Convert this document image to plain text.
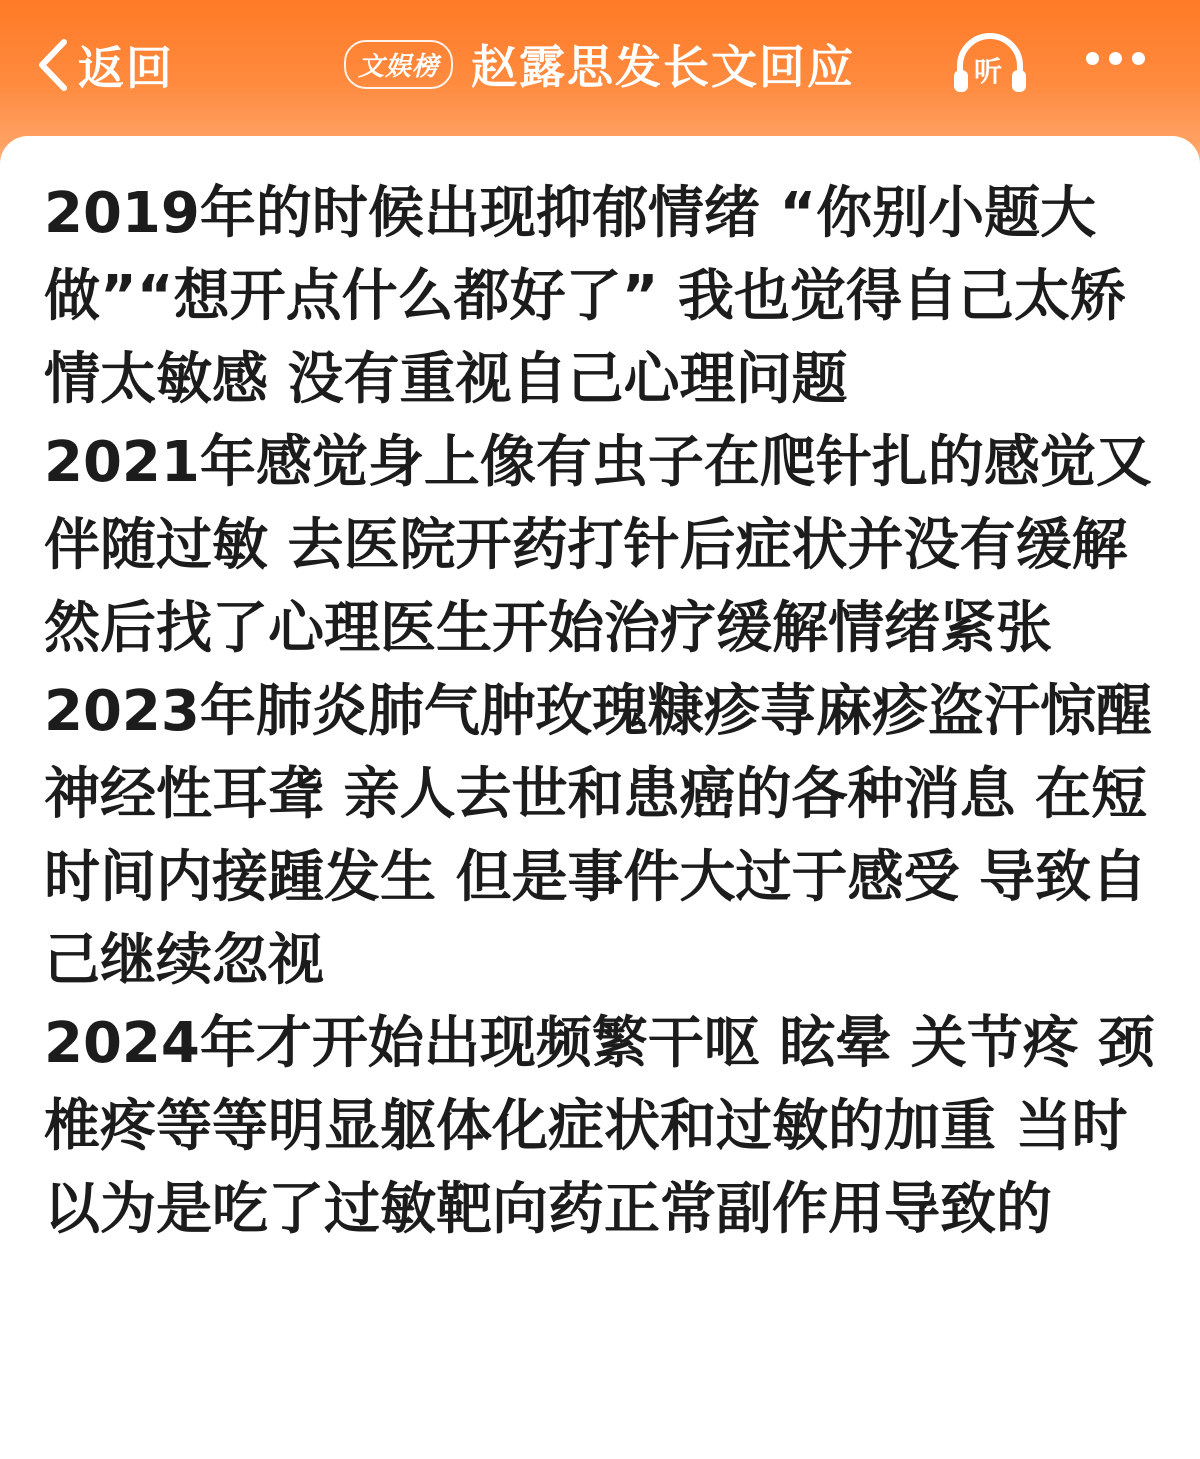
返回	文娱榜 赵露思发长文回应	听

2019年的时候出现抑郁情绪 “你别小题大做”“想开点什么都好了” 我也觉得自己太矫情太敏感 没有重视自己心理问题

2021年感觉身上像有虫子在爬针扎的感觉又伴随过敏 去医院开药打针后症状并没有缓解 然后找了心理医生开始治疗缓解情绪紧张

2023年肺炎肺气肿玫瑰糠疹荨麻疹盗汗惊醒神经性耳聋 亲人去世和患癌的各种消息 在短时间内接踵发生 但是事件大过于感受 导致自己继续忽视

2024年才开始出现频繁干呕 眩晕 关节疼 颈椎疼等等明显躯体化症状和过敏的加重 当时以为是吃了过敏靶向药正常副作用导致的
